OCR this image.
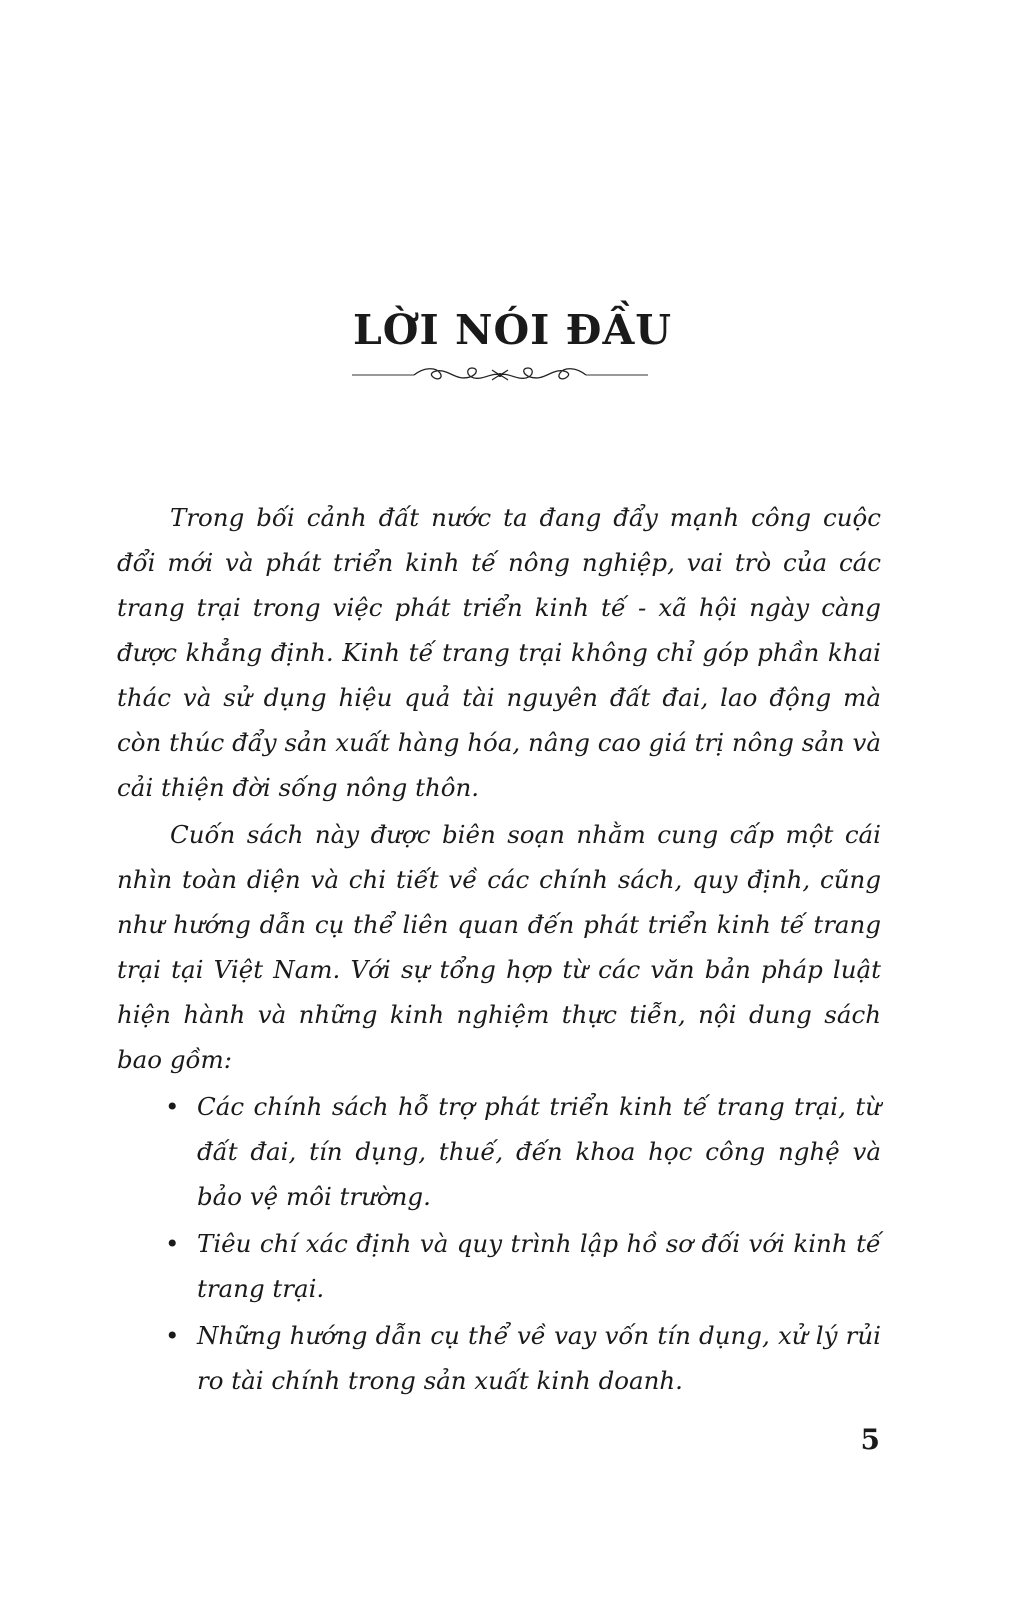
LỜI NÓI ĐẦU

Trong bối cảnh đất nước ta đang đẩy mạnh công cuộc đổi mới và phát triển kinh tế nông nghiệp, vai trò của các trang trại trong việc phát triển kinh tế - xã hội ngày càng được khẳng định. Kinh tế trang trại không chỉ góp phần khai thác và sử dụng hiệu quả tài nguyên đất đai, lao động mà còn thúc đẩy sản xuất hàng hóa, nâng cao giá trị nông sản và cải thiện đời sống nông thôn.

Cuốn sách này được biên soạn nhằm cung cấp một cái nhìn toàn diện và chi tiết về các chính sách, quy định, cũng như hướng dẫn cụ thể liên quan đến phát triển kinh tế trang trại tại Việt Nam. Với sự tổng hợp từ các văn bản pháp luật hiện hành và những kinh nghiệm thực tiễn, nội dung sách bao gồm:

• Các chính sách hỗ trợ phát triển kinh tế trang trại, từ đất đai, tín dụng, thuế, đến khoa học công nghệ và bảo vệ môi trường.
• Tiêu chí xác định và quy trình lập hồ sơ đối với kinh tế trang trại.
• Những hướng dẫn cụ thể về vay vốn tín dụng, xử lý rủi ro tài chính trong sản xuất kinh doanh.
5
